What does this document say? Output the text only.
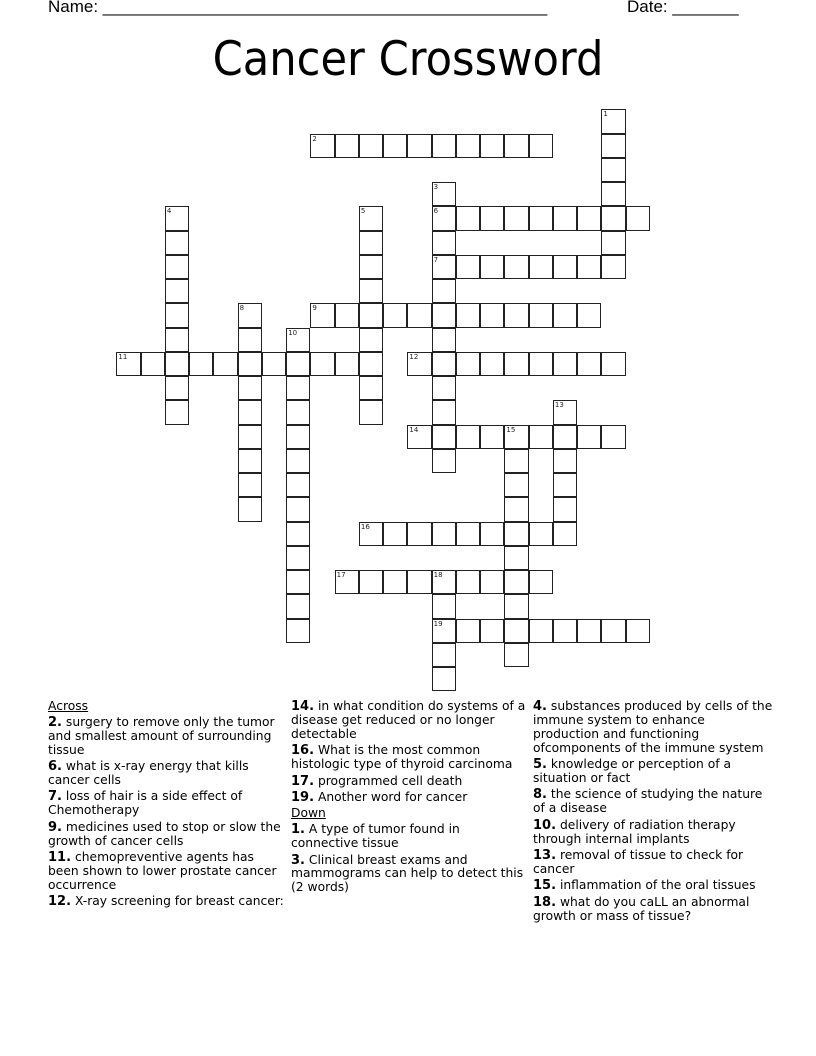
Name: _______________________________________________	Date: _______
Cancer Crossword
1
2
3
6
7
4	5
8	9
10
11	12
13
14	15
16
17	18
19
Across
2. surgery to remove only the tumor and smallest amount of surrounding tissue
6. what is x-ray energy that kills cancer cells
7. loss of hair is a side effect of Chemotherapy
9. medicines used to stop or slow the growth of cancer cells
11. chemopreventive agents has been shown to lower prostate cancer occurrence
12. X-ray screening for breast cancer:
14. in what condition do systems of a disease get reduced or no longer detectable
16. What is the most common histologic type of thyroid carcinoma
17. programmed cell death
19. Another word for cancer
Down
1. A type of tumor found in connective tissue
3. Clinical breast exams and mammograms can help to detect this (2 words)
4. substances produced by cells of the immune system to enhance production and functioning ofcomponents of the immune system
5. knowledge or perception of a situation or fact
8. the science of studying the nature of a disease
10. delivery of radiation therapy through internal implants
13. removal of tissue to check for cancer
15. inflammation of the oral tissues
18. what do you caLL an abnormal growth or mass of tissue?
